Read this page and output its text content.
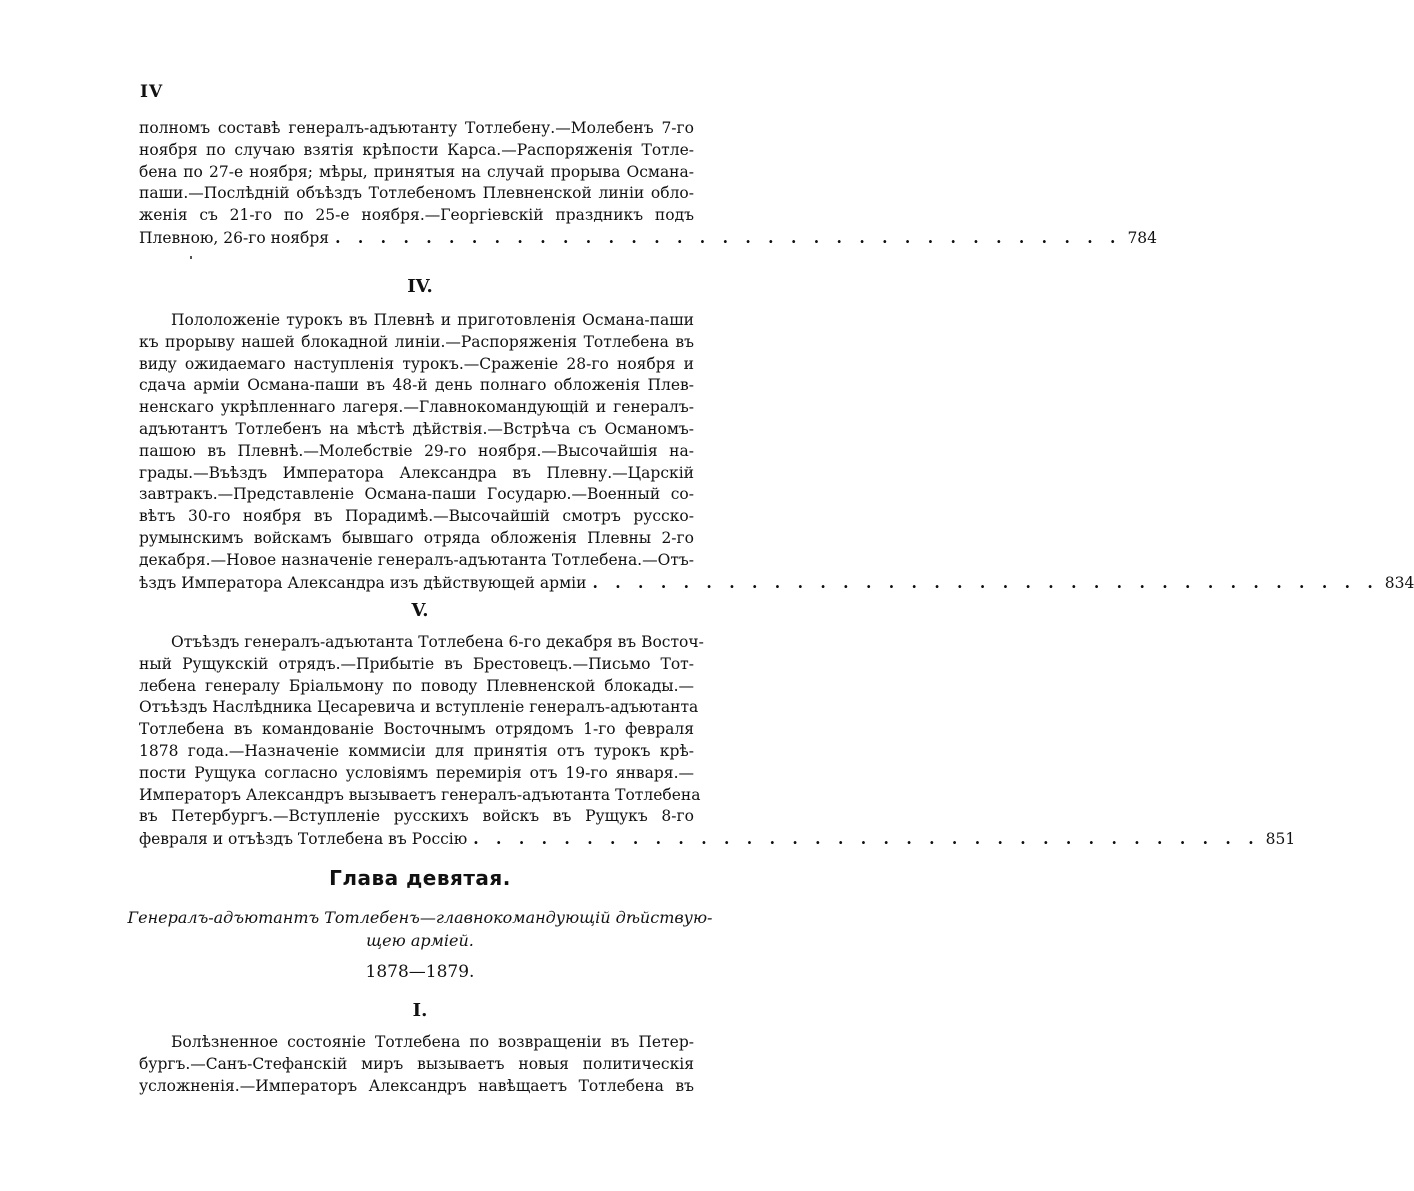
IV
полномъ составѣ генералъ-адъютанту Тотлебену.—Молебенъ 7-го
ноября по случаю взятія крѣпости Карса.—Распоряженія Тотле-
бена по 27-е ноября; мѣры, принятыя на случай прорыва Османа-
паши.—Послѣдній объѣздъ Тотлебеномъ Плевненской линіи обло-
женія съ 21-го по 25-е ноября.—Георгіевскій праздникъ подъ
Плевною, 26-го ноября . . . . . . . . . . . . . . . . . . . . . . . . . . . . . . . . . . . 784
IV.
Пололоженіе турокъ въ Плевнѣ и приготовленія Османа-паши
къ прорыву нашей блокадной линіи.—Распоряженія Тотлебена въ
виду ожидаемаго наступленія турокъ.—Сраженіе 28-го ноября и
сдача арміи Османа-паши въ 48-й день полнаго обложенія Плев-
ненскаго укрѣпленнаго лагеря.—Главнокомандующій и генералъ-
адъютантъ Тотлебенъ на мѣстѣ дѣйствія.—Встрѣча съ Османомъ-
пашою въ Плевнѣ.—Молебствіе 29-го ноября.—Высочайшія на-
грады.—Въѣздъ Императора Александра въ Плевну.—Царскій
завтракъ.—Представленіе Османа-паши Государю.—Военный со-
вѣтъ 30-го ноября въ Порадимѣ.—Высочайшій смотръ русско-
румынскимъ войскамъ бывшаго отряда обложенія Плевны 2-го
декабря.—Новое назначеніе генералъ-адъютанта Тотлебена.—Отъ-
ѣздъ Императора Александра изъ дѣйствующей арміи . . . . . . . . . . . . . . . . . . . . . . . . . . . . . . . . . . . 834
V.
Отъѣздъ генералъ-адъютанта Тотлебена 6-го декабря въ Восточ-
ный Рущукскій отрядъ.—Прибытіе въ Брестовецъ.—Письмо Тот-
лебена генералу Бріальмону по поводу Плевненской блокады.—
Отъѣздъ Наслѣдника Цесаревича и вступленіе генералъ-адъютанта
Тотлебена въ командованіе Восточнымъ отрядомъ 1-го февраля
1878 года.—Назначеніе коммисіи для принятія отъ турокъ крѣ-
пости Рущука согласно условіямъ перемирія отъ 19-го января.—
Императоръ Александръ вызываетъ генералъ-адъютанта Тотлебена
въ Петербургъ.—Вступленіе русскихъ войскъ въ Рущукъ 8-го
февраля и отъѣздъ Тотлебена въ Россію . . . . . . . . . . . . . . . . . . . . . . . . . . . . . . . . . . . 851
Глава девятая.
Генералъ-адъютантъ Тотлебенъ—главнокомандующій дѣйствую-
щею арміей.
1878—1879.
I.
Болѣзненное состояніе Тотлебена по возвращеніи въ Петер-
бургъ.—Санъ-Стефанскій миръ вызываетъ новыя политическія
усложненія.—Императоръ Александръ навѣщаетъ Тотлебена въ
